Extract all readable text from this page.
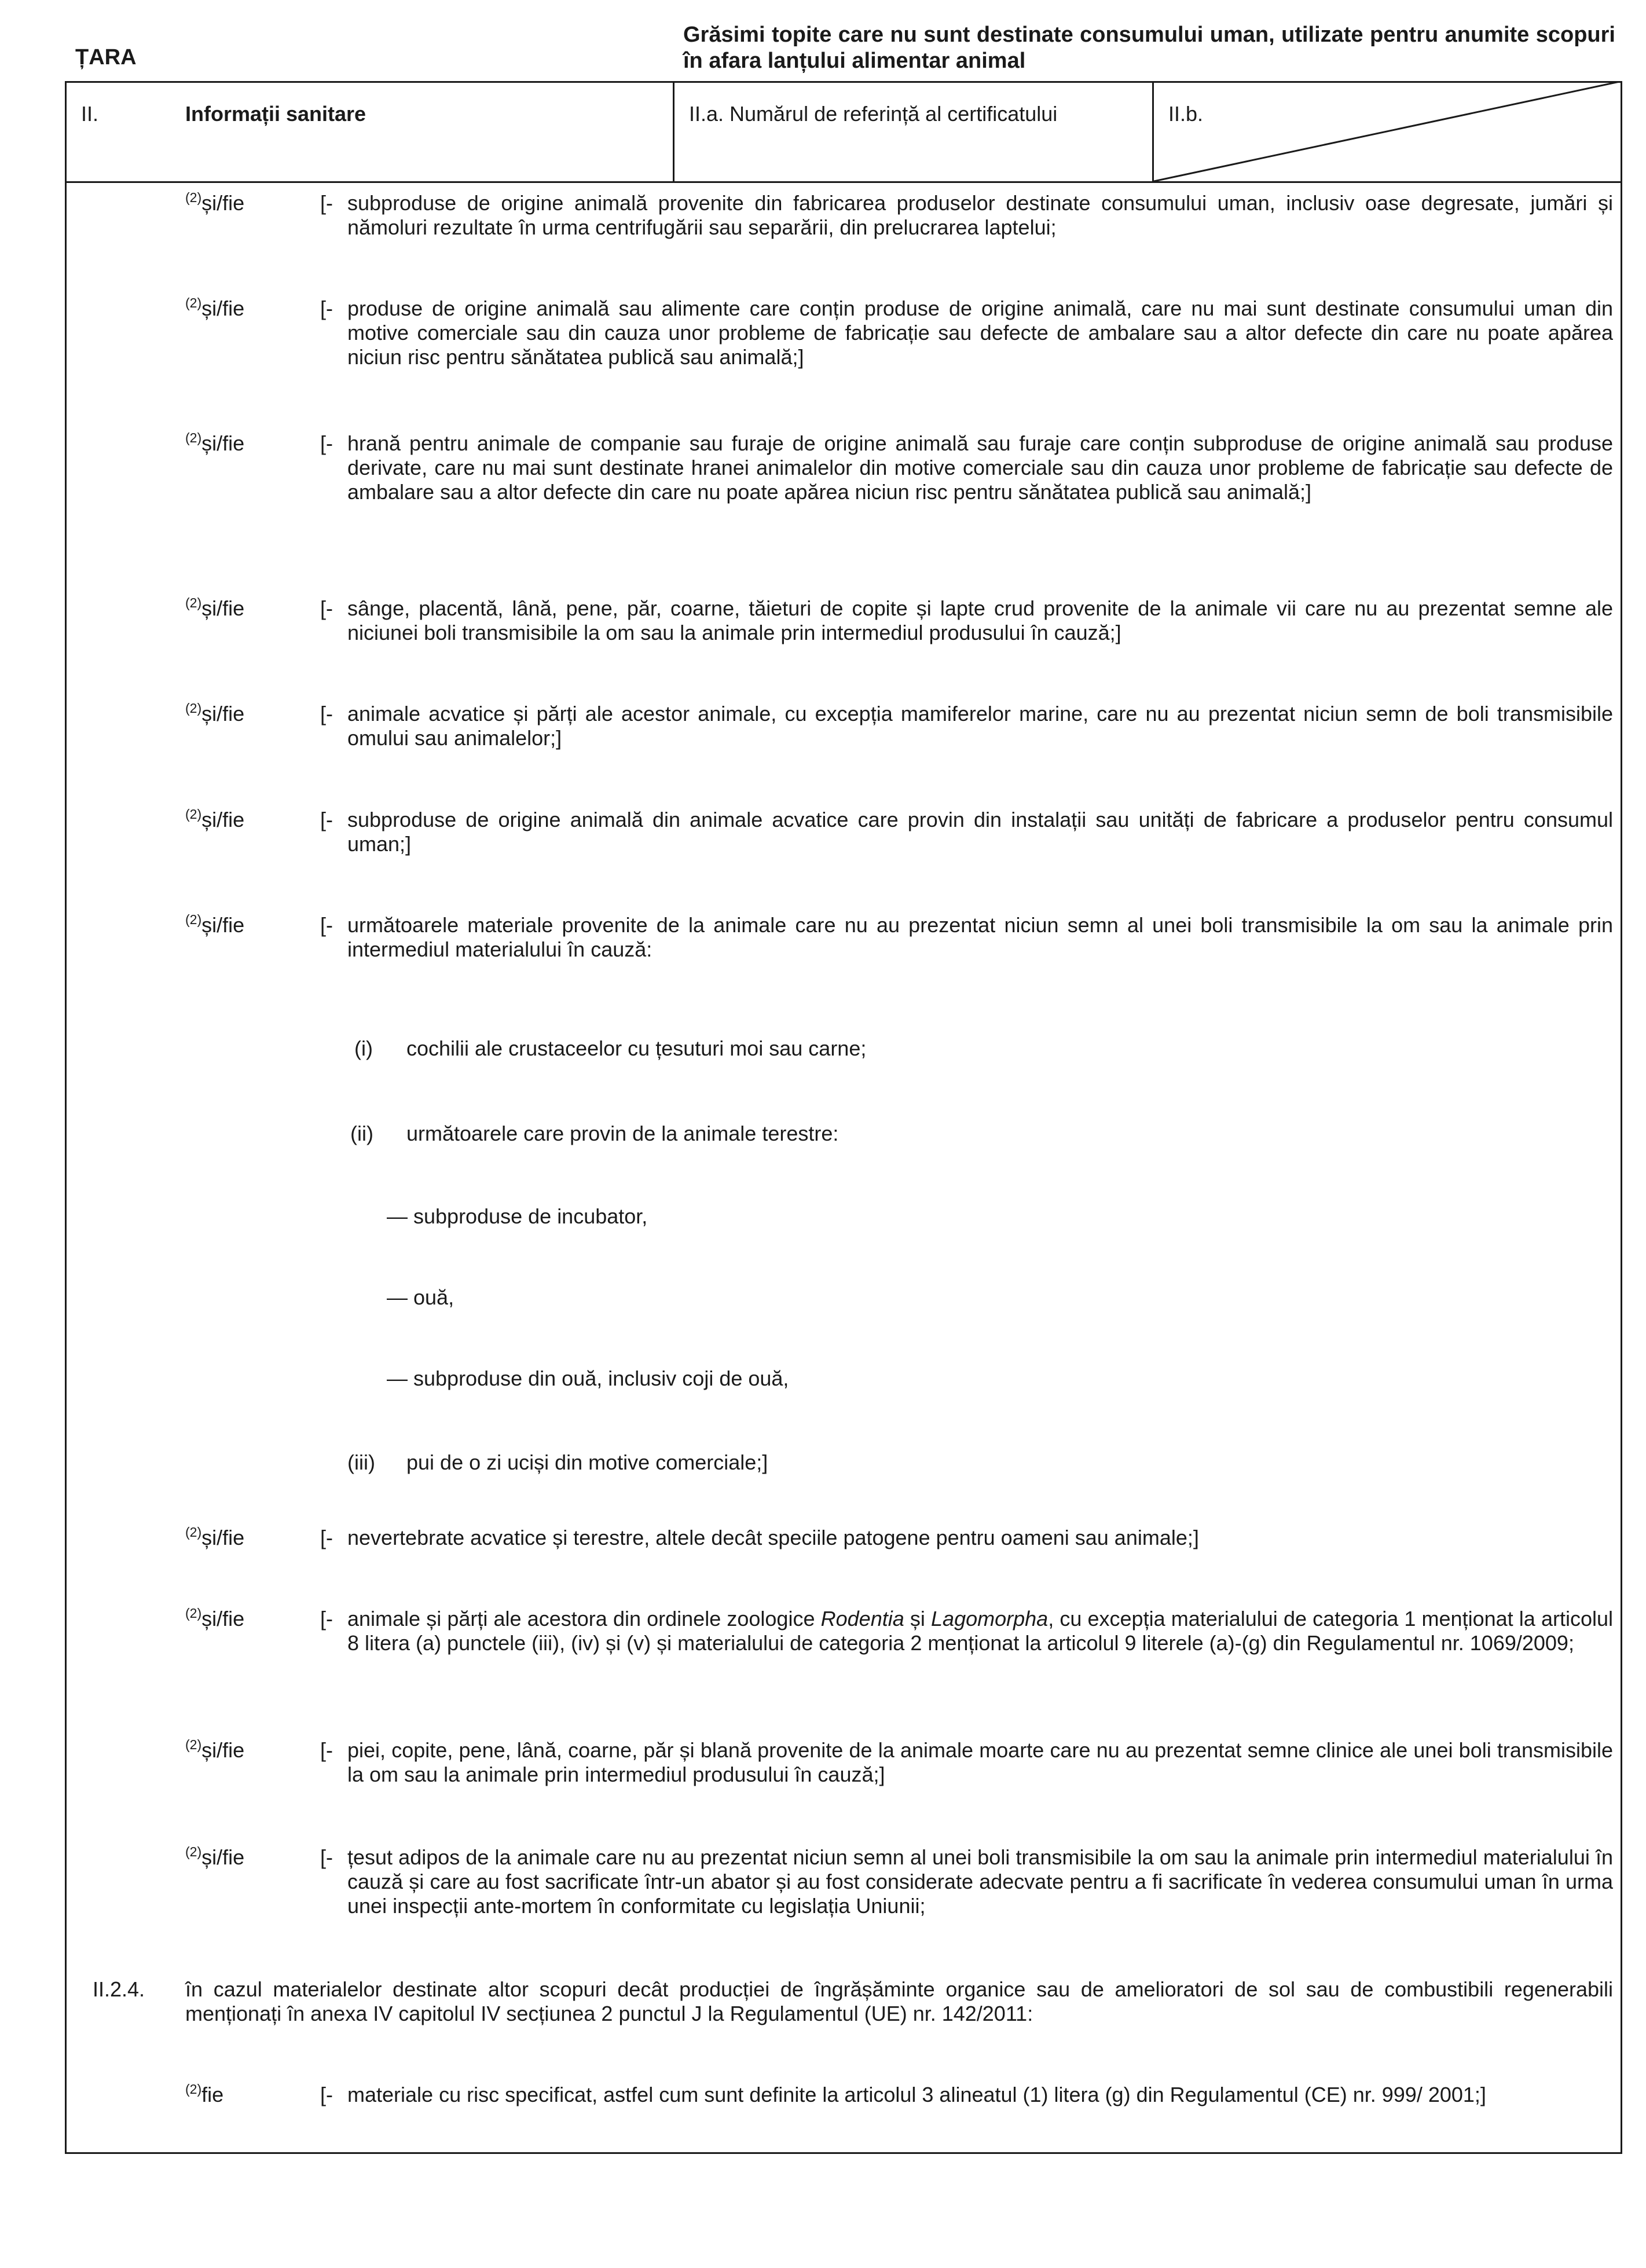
ȚARA
Grăsimi topite care nu sunt destinate consumului uman, utilizate pentru anumite scopuri în afara lanțului alimentar animal
II.	Informații sanitare	II.a. Numărul de referință al certificatului	II.b.
$^{(2)}$și/fie	[- subproduse de origine animală provenite din fabricarea produselor destinate consumului uman, inclusiv oase degresate, jumări și nămoluri rezultate în urma centrifugării sau separării, din prelucrarea laptelui;
$^{(2)}$și/fie	[- produse de origine animală sau alimente care conțin produse de origine animală, care nu mai sunt destinate consumului uman din motive comerciale sau din cauza unor probleme de fabricație sau defecte de ambalare sau a altor defecte din care nu poate apărea niciun risc pentru sănătatea publică sau animală;]
$^{(2)}$și/fie	[- hrană pentru animale de companie sau furaje de origine animală sau furaje care conțin subproduse de origine animală sau produse derivate, care nu mai sunt destinate hranei animalelor din motive comerciale sau din cauza unor probleme de fabricație sau defecte de ambalare sau a altor defecte din care nu poate apărea niciun risc pentru sănătatea publică sau animală;]
$^{(2)}$și/fie	[- sânge, placentă, lână, pene, păr, coarne, tăieturi de copite și lapte crud provenite de la animale vii care nu au prezentat semne ale niciunei boli transmisibile la om sau la animale prin intermediul produsului în cauză;]
$^{(2)}$și/fie	[- animale acvatice și părți ale acestor animale, cu excepția mamiferelor marine, care nu au prezentat niciun semn de boli transmisibile omului sau animalelor;]
$^{(2)}$și/fie	[- subproduse de origine animală din animale acvatice care provin din instalații sau unități de fabricare a produselor pentru consumul uman;]
$^{(2)}$și/fie	[- următoarele materiale provenite de la animale care nu au prezentat niciun semn al unei boli transmisibile la om sau la animale prin intermediul materialului în cauză:
(i) cochilii ale crustaceelor cu țesuturi moi sau carne;
(ii) următoarele care provin de la animale terestre:
— subproduse de incubator,
— ouă,
— subproduse din ouă, inclusiv coji de ouă,
(iii) pui de o zi uciși din motive comerciale;]
$^{(2)}$și/fie	[- nevertebrate acvatice și terestre, altele decât speciile patogene pentru oameni sau animale;]
$^{(2)}$și/fie	[- animale și părți ale acestora din ordinele zoologice Rodentia și Lagomorpha, cu excepția materialului de categoria 1 menționat la articolul 8 litera (a) punctele (iii), (iv) și (v) și materialului de categoria 2 menționat la articolul 9 literele (a)-(g) din Regulamentul nr. 1069/2009;
$^{(2)}$și/fie	[- piei, copite, pene, lână, coarne, păr și blană provenite de la animale moarte care nu au prezentat semne clinice ale unei boli transmisibile la om sau la animale prin intermediul produsului în cauză;]
$^{(2)}$și/fie	[- țesut adipos de la animale care nu au prezentat niciun semn al unei boli transmisibile la om sau la animale prin intermediul materialului în cauză și care au fost sacrificate într-un abator și au fost considerate adecvate pentru a fi sacrificate în vederea consumului uman în urma unei inspecții ante-mortem în conformitate cu legislația Uniunii;
II.2.4. în cazul materialelor destinate altor scopuri decât producției de îngrășăminte organice sau de amelioratori de sol sau de combustibili regenerabili menționați în anexa IV capitolul IV secțiunea 2 punctul J la Regulamentul (UE) nr. 142/2011:
$^{(2)}$fie	[- materiale cu risc specificat, astfel cum sunt definite la articolul 3 alineatul (1) litera (g) din Regulamentul (CE) nr. 999/ 2001;]
